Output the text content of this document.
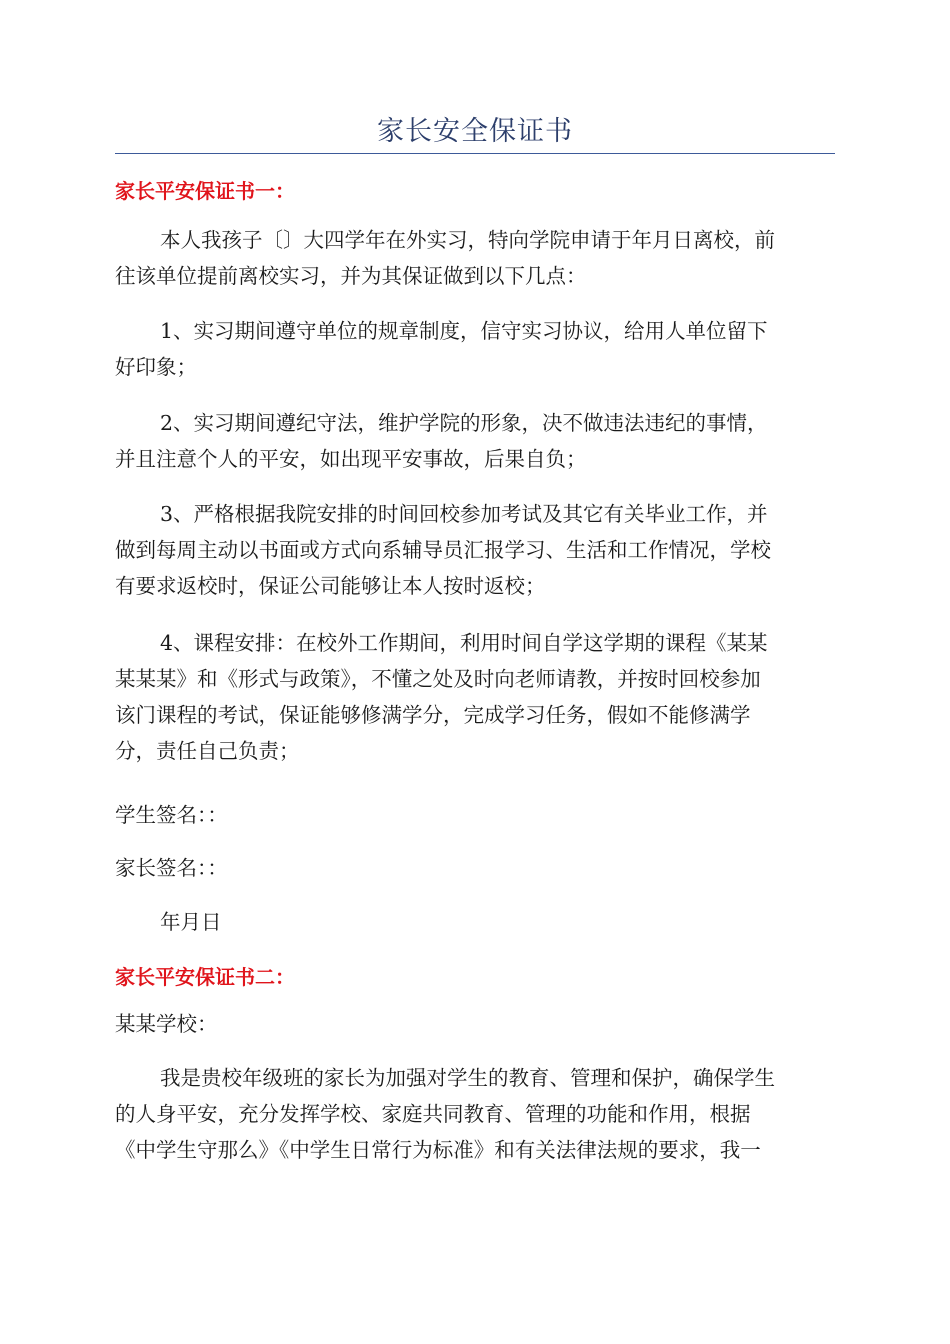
家长安全保证书
家长平安保证书一：
本人我孩子〔〕大四学年在外实习，特向学院申请于年月日离校，前
往该单位提前离校实习，并为其保证做到以下几点：
1、实习期间遵守单位的规章制度，信守实习协议，给用人单位留下
好印象；
2、实习期间遵纪守法，维护学院的形象，决不做违法违纪的事情，
并且注意个人的平安，如出现平安事故，后果自负；
3、严格根据我院安排的时间回校参加考试及其它有关毕业工作，并
做到每周主动以书面或方式向系辅导员汇报学习、生活和工作情况，学校
有要求返校时，保证公司能够让本人按时返校；
4、课程安排：在校外工作期间，利用时间自学这学期的课程《某某
某某某》和《形式与政策》，不懂之处及时向老师请教，并按时回校参加
该门课程的考试，保证能够修满学分，完成学习任务，假如不能修满学
分，责任自己负责；
学生签名：：
家长签名：：
年月日
家长平安保证书二：
某某学校：
我是贵校年级班的家长为加强对学生的教育、管理和保护，确保学生
的人身平安，充分发挥学校、家庭共同教育、管理的功能和作用，根据
《中学生守那么》《中学生日常行为标准》和有关法律法规的要求，我一
